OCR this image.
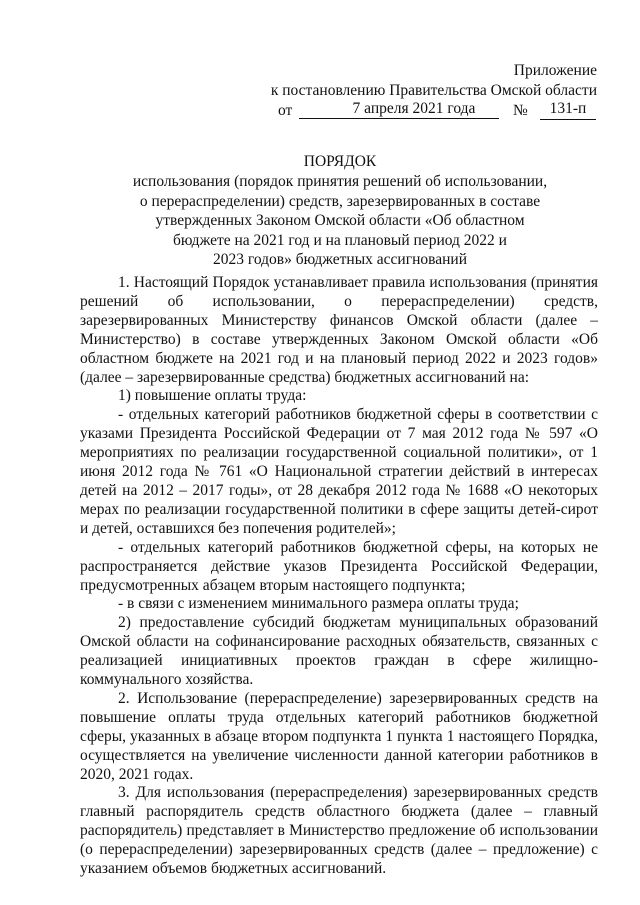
Приложение
к постановлению Правительства Омской области
от	7 апреля 2021 года	№	131-п
ПОРЯДОК
использования (порядок принятия решений об использовании,
о перераспределении) средств, зарезервированных в составе
утвержденных Законом Омской области «Об областном
бюджете на 2021 год и на плановый период 2022 и
2023 годов» бюджетных ассигнований

1. Настоящий Порядок устанавливает правила использования (принятия решений об использовании, о перераспределении) средств, зарезервированных Министерству финансов Омской области (далее – Министерство) в составе утвержденных Законом Омской области «Об областном бюджете на 2021 год и на плановый период 2022 и 2023 годов» (далее – зарезервированные средства) бюджетных ассигнований на:

1) повышение оплаты труда:

- отдельных категорий работников бюджетной сферы в соответствии с указами Президента Российской Федерации от 7 мая 2012 года № 597 «О мероприятиях по реализации государственной социальной политики», от 1 июня 2012 года № 761 «О Национальной стратегии действий в интересах детей на 2012 – 2017 годы», от 28 декабря 2012 года № 1688 «О некоторых мерах по реализации государственной политики в сфере защиты детей-сирот и детей, оставшихся без попечения родителей»;

- отдельных категорий работников бюджетной сферы, на которых не распространяется действие указов Президента Российской Федерации, предусмотренных абзацем вторым настоящего подпункта;

- в связи с изменением минимального размера оплаты труда;

2) предоставление субсидий бюджетам муниципальных образований Омской области на софинансирование расходных обязательств, связанных с реализацией инициативных проектов граждан в сфере жилищно-коммунального хозяйства.

2. Использование (перераспределение) зарезервированных средств на повышение оплаты труда отдельных категорий работников бюджетной сферы, указанных в абзаце втором подпункта 1 пункта 1 настоящего Порядка, осуществляется на увеличение численности данной категории работников в 2020, 2021 годах.

3. Для использования (перераспределения) зарезервированных средств главный распорядитель средств областного бюджета (далее – главный распорядитель) представляет в Министерство предложение об использовании (о перераспределении) зарезервированных средств (далее – предложение) с указанием объемов бюджетных ассигнований.
